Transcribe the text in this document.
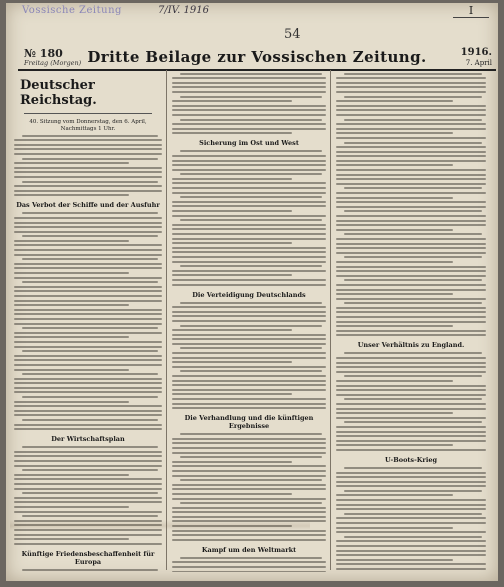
Vossische Zeitung	7/IV. 1916
54
I
№ 180
Freitag (Morgen) Dritte Beilage zur Vossischen Zeitung.	1916.
7. April
Deutscher Reichstag.
40. Sitzung vom Donnerstag, den 6. April,
Nachmittags 1 Uhr.
Das Verbot der Schiffe und der Ausfuhr
Der Wirtschaftsplan
Künftige Friedensbeschaffenheit für Europa
Sicherung im Ost und West
Die Verteidigung Deutschlands
Die Verhandlung und die künftigen Ergebnisse
Kampf um den Weltmarkt
Unser Verhältnis zu England.
U-Boots-Krieg
